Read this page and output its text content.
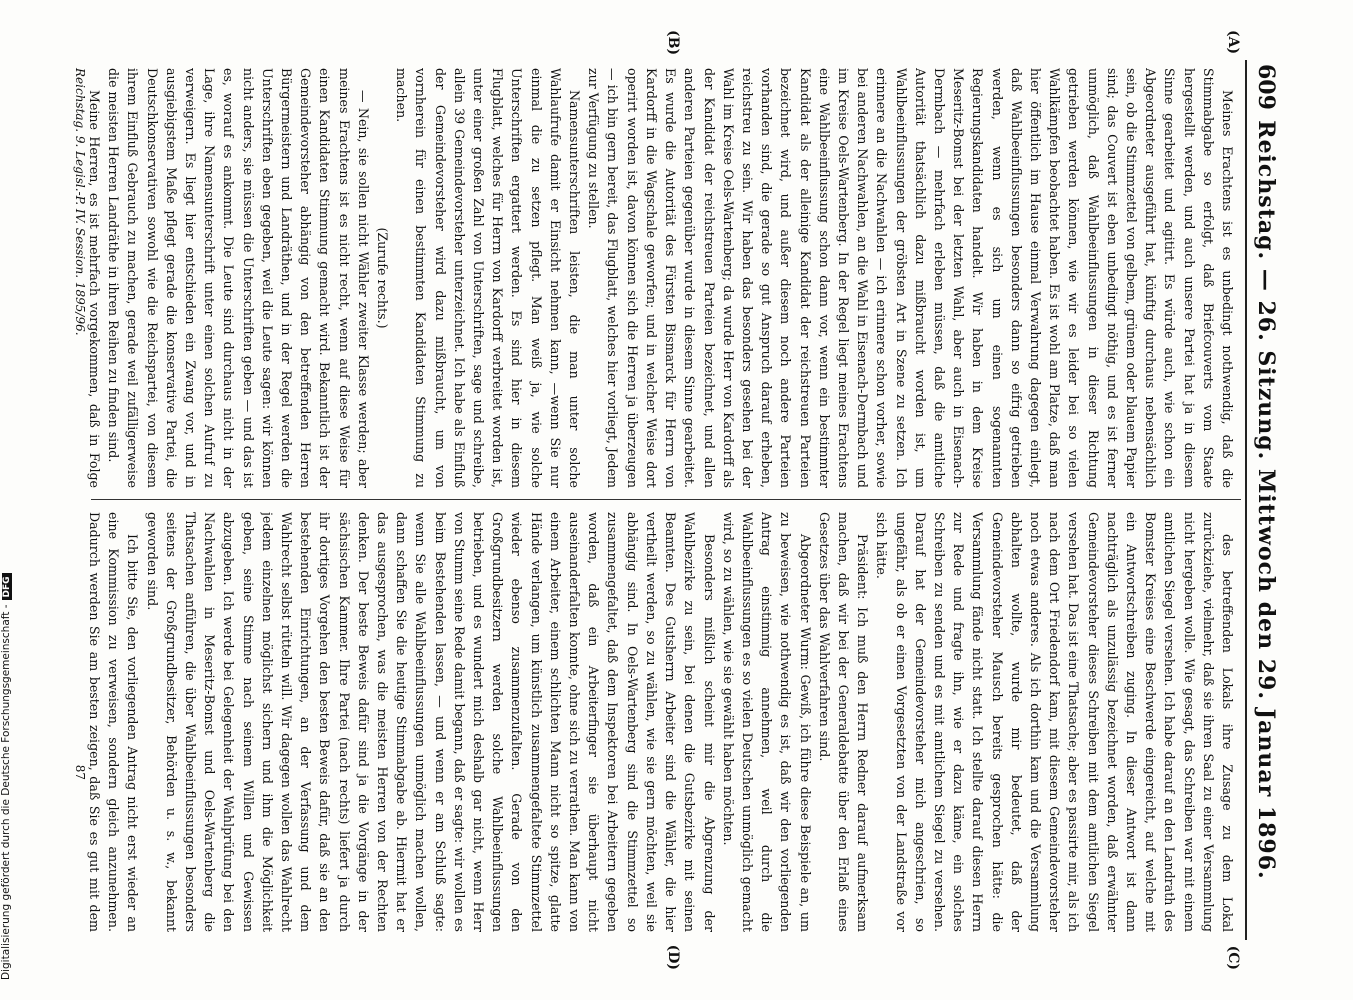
609
Reichstag. — 26. Sitzung. Mittwoch den 29. Januar 1896.
(A)
(B)
(C)
(D)

Meines Erachtens ist es unbedingt nothwendig, daß die Stimmabgabe so erfolgt, daß Briefcouverts vom Staate hergestellt werden, und auch unsere Partei hat ja in diesem Sinne gearbeitet und agitirt. Es würde auch, wie schon ein Abgeordneter ausgeführt hat, künftig durchaus nebensächlich sein, ob die Stimmzettel von gelbem, grünem oder blauem Papier sind; das Couvert ist eben unbedingt nöthig, und es ist ferner unmöglich, daß Wahlbeeinflussungen in dieser Richtung getrieben werden können, wie wir es leider bei so vielen Wahlkämpfen beobachtet haben. Es ist wohl am Platze, daß man hier öffentlich im Hause einmal Verwahrung dagegen einlegt, daß Wahlbeeinflussungen besonders dann so eifrig getrieben werden, wenn es sich um einen sogenannten Regierungskandidaten handelt. Wir haben in dem Kreise Meseritz-Bomst bei der letzten Wahl, aber auch in Eisenach-Dermbach — mehrfach erleben müssen, daß die amtliche Autorität thatsächlich dazu mißbraucht worden ist, um Wahlbeeinflussungen der gröbsten Art in Szene zu setzen. Ich erinnere an die Nachwahlen — ich erinnere schon vorher, sowie bei anderen Nachwahlen, an die Wahl in Eisenach-Dermbach und im Kreise Oels-Wartenberg. In der Regel liegt meines Erachtens eine Wahlbeeinflussung schon dann vor, wenn ein bestimmter Kandidat als der alleinige Kandidat der reichstreuen Parteien bezeichnet wird, und außer diesem noch andere Parteien vorhanden sind, die gerade so gut Anspruch darauf erheben, reichstreu zu sein. Wir haben das besonders gesehen bei der Wahl im Kreise Oels-Wartenberg; da wurde Herr von Kardorff als der Kandidat der reichstreuen Parteien bezeichnet, und allen anderen Parteien gegenüber wurde in diesem Sinne gearbeitet. Es wurde die Autorität des Fürsten Bismarck für Herrn von Kardorff in die Wagschale geworfen; und in welcher Weise dort operirt worden ist, davon können sich die Herren ja überzeugen — ich bin gern bereit, das Flugblatt, welches hier vorliegt, Jedem zur Verfügung zu stellen.

Namensunterschriften leisten, die man unter solche Wahlaufrufe damit er Einsicht nehmen kann, —wenn Sie nur einmal die zu setzen pflegt. Man weiß ja, wie solche Unterschriften ergattert werden. Es sind hier in diesem Flugblatt, welches für Herrn von Kardorff verbreitet worden ist, unter einer großen Zahl von Unterschriften, sage und schreibe, allein 39 Gemeindevorsteher unterzeichnet. Ich habe als Einfluß der Gemeindevorsteher wird dazu mißbraucht, um von vornherein für einen bestimmten Kandidaten Stimmung zu machen.

(Zurufe rechts.)

— Nein, sie sollen nicht Wähler zweiter Klasse werden; aber meines Erachtens ist es nicht recht, wenn auf diese Weise für einen Kandidaten Stimmung gemacht wird. Bekanntlich ist der Gemeindevorsteher abhängig von den betreffenden Herren Bürgermeistern und Landräthen, und in der Regel werden die Unterschriften eben gegeben, weil die Leute sagen: wir können nicht anders, sie müssen die Unterschriften geben — und das ist es, worauf es ankommt. Die Leute sind durchaus nicht in der Lage, ihre Namensunterschrift unter einen solchen Aufruf zu verweigern. Es liegt hier entschieden ein Zwang vor, und in ausgiebigstem Maße pflegt gerade die konservative Partei, die Deutschkonservativen sowohl wie die Reichspartei, von diesem ihrem Einfluß Gebrauch zu machen, gerade weil zufälligerweise die meisten Herren Landräthe in ihren Reihen zu finden sind.

Meine Herren, es ist mehrfach vorgekommen, daß in Folge

des betreffenden Lokals ihre Zusage zu dem Lokal zurückziehe, vielmehr, daß sie ihren Saal zu einer Versammlung nicht hergeben wolle. Wie gesagt, das Schreiben war mit einem amtlichen Siegel versehen. Ich habe darauf an den Landrath des Bomster Kreises eine Beschwerde eingereicht, auf welche mit ein Antwortschreiben zuging. In dieser Antwort ist dann nachträglich als unzulässig bezeichnet worden, daß erwähnter Gemeindevorsteher dieses Schreiben mit dem amtlichen Siegel versehen hat. Das ist eine Thatsache; aber es passirte mir, als ich nach dem Ort Friedendorf kam, mit diesem Gemeindevorsteher noch etwas anderes. Als ich dorthin kam und die Versammlung abhalten wollte, wurde mir bedeutet, daß der Gemeindevorsteher Mausch bereits gesprochen hätte: die Versammlung fände nicht statt. Ich stellte darauf diesen Herrn zur Rede und fragte ihn, wie er dazu käme, ein solches Schreiben zu senden und es mit amtlichem Siegel zu versehen. Darauf hat der Gemeindevorsteher mich angeschrien, so ungefähr, als ob er einen Vorgesetzten von der Landstraße vor sich hätte.

Präsident: Ich muß den Herrn Redner darauf aufmerksam machen, daß wir bei der Generaldebatte über den Erlaß eines Gesetzes über das Wahlverfahren sind.

Abgeordneter Wurm: Gewiß, ich führe diese Beispiele an, um zu beweisen, wie nothwendig es ist, daß wir den vorliegenden Antrag einstimmig annehmen, weil durch die Wahlbeeinflussungen es so vielen Deutschen unmöglich gemacht wird, so zu wählen, wie sie gewählt haben möchten.

Besonders mißlich scheint mir die Abgrenzung der Wahlbezirke zu sein, bei denen die Gutsbezirke mit seinen Beamten. Des Gutsherrn Arbeiter sind die Wähler, die hier vertheilt werden, so zu wählen, wie sie gern möchten, weil sie abhängig sind. In Oels-Wartenberg sind die Stimmzettel so zusammengefaltet, daß dem Inspektoren bei Arbeitern gegeben worden, daß ein Arbeiterfinger sie überhaupt nicht auseinanderfalten konnte, ohne sich zu verrathen. Man kann von einem Arbeiter, einem schlichten Mann nicht so spitze, glatte Hände verlangen, um künstlich zusammengefaltete Stimmzettel wieder ebenso zusammenzufalten. Gerade von den Großgrundbesitzern werden solche Wahlbeeinflussungen betrieben, und es wundert mich deshalb gar nicht, wenn Herr von Stumm seine Rede damit begann, daß er sagte: wir wollen es beim Bestehenden lassen, — und wenn er am Schluß sagte: wenn Sie alle Wahlbeeinflussungen unmöglich machen wollen, dann schaffen Sie die heutige Stimmabgabe ab. Hiermit hat er das ausgesprochen, was die meisten Herren von der Rechten denken. Der beste Beweis dafür sind ja die Vorgänge in der sächsischen Kammer. Ihre Partei (nach rechts) liefert ja durch ihr dortiges Vorgehen den besten Beweis dafür, daß sie an den bestehenden Einrichtungen, an der Verfassung und dem Wahlrecht selbst rütteln will. Wir dagegen wollen das Wahlrecht jedem einzelnen möglichst sichern und ihm die Möglichkeit geben, seine Stimme nach seinem Willen und Gewissen abzugeben. Ich werde bei Gelegenheit der Wahlprüfung bei den Nachwahlen in Meseritz-Bomst und Oels-Wartenberg die Thatsachen anführen, die über Wahlbeeinflussungen besonders seitens der Großgrundbesitzer, Behörden u. s. w., bekannt geworden sind.

Ich bitte Sie, den vorliegenden Antrag nicht erst wieder an eine Kommission zu verweisen, sondern gleich anzunehmen. Dadurch werden Sie am besten zeigen, daß Sie es gut mit dem

Reichstag. 9. Legisl.-P. IV. Session. 1895/96.
87
Digitalisierung gefördert durch die Deutsche Forschungsgemeinschaft -DFG
